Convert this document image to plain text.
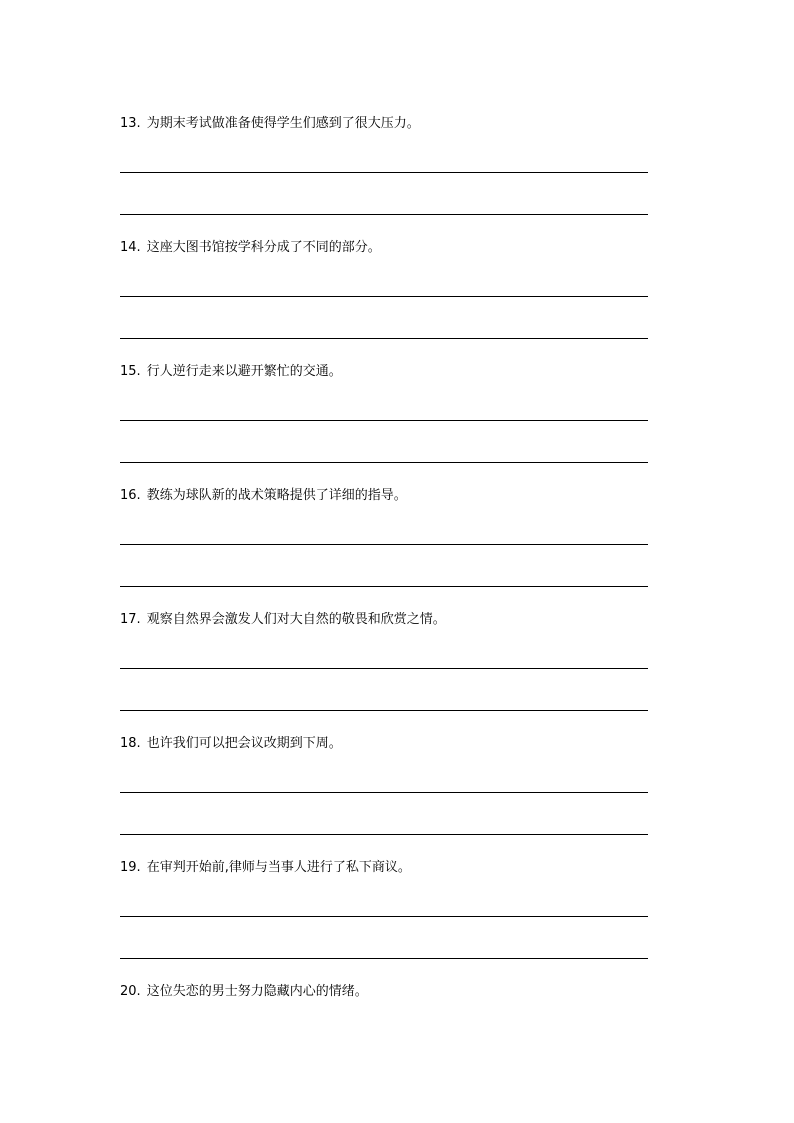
13. 为期末考试做准备使得学生们感到了很大压力。
14. 这座大图书馆按学科分成了不同的部分。
15. 行人逆行走来以避开繁忙的交通。
16. 教练为球队新的战术策略提供了详细的指导。
17. 观察自然界会激发人们对大自然的敬畏和欣赏之情。
18. 也许我们可以把会议改期到下周。
19. 在审判开始前,律师与当事人进行了私下商议。
20. 这位失恋的男士努力隐藏内心的情绪。
